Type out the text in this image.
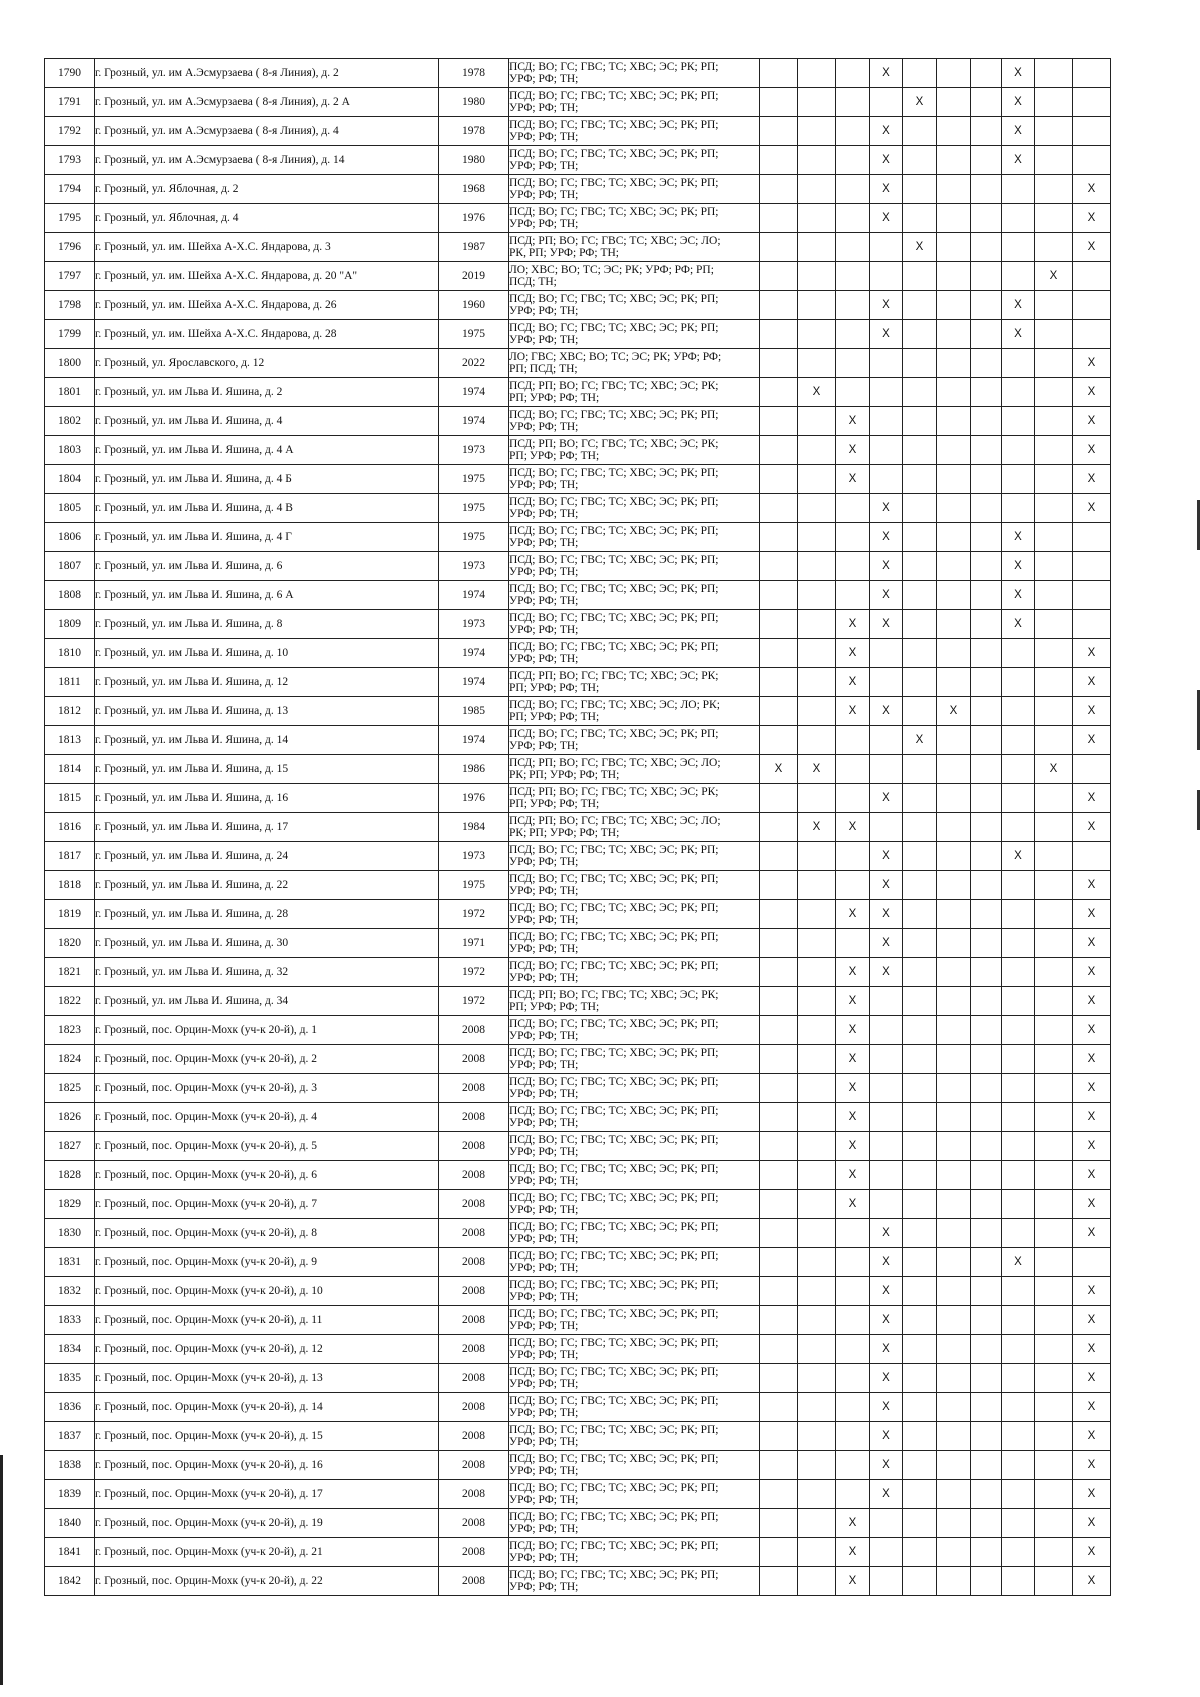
1790	г. Грозный, ул. им А.Эсмурзаева ( 8-я Линия), д. 2	1978	ПСД; ВО; ГС; ГВС; ТС; ХВС; ЭС; РК; РП;
УРФ; РФ; ТН;				X				X		
1791	г. Грозный, ул. им А.Эсмурзаева ( 8-я Линия), д. 2 А	1980	ПСД; ВО; ГС; ГВС; ТС; ХВС; ЭС; РК; РП;
УРФ; РФ; ТН;					X			X		
1792	г. Грозный, ул. им А.Эсмурзаева ( 8-я Линия), д. 4	1978	ПСД; ВО; ГС; ГВС; ТС; ХВС; ЭС; РК; РП;
УРФ; РФ; ТН;				X				X		
1793	г. Грозный, ул. им А.Эсмурзаева ( 8-я Линия), д. 14	1980	ПСД; ВО; ГС; ГВС; ТС; ХВС; ЭС; РК; РП;
УРФ; РФ; ТН;				X				X		
1794	г. Грозный, ул. Яблочная, д. 2	1968	ПСД; ВО; ГС; ГВС; ТС; ХВС; ЭС; РК; РП;
УРФ; РФ; ТН;				X						X
1795	г. Грозный, ул. Яблочная, д. 4	1976	ПСД; ВО; ГС; ГВС; ТС; ХВС; ЭС; РК; РП;
УРФ; РФ; ТН;				X						X
1796	г. Грозный, ул. им. Шейха А-Х.С. Яндарова, д. 3	1987	ПСД; РП; ВО; ГС; ГВС; ТС; ХВС; ЭС; ЛО;
РК, РП; УРФ; РФ; ТН;					X					X
1797	г. Грозный, ул. им. Шейха А-Х.С. Яндарова, д. 20 "А"	2019	ЛО; ХВС; ВО; ТС; ЭС; РК; УРФ; РФ; РП;
ПСД; ТН;									X	
1798	г. Грозный, ул. им. Шейха А-Х.С. Яндарова, д. 26	1960	ПСД; ВО; ГС; ГВС; ТС; ХВС; ЭС; РК; РП;
УРФ; РФ; ТН;				X				X		
1799	г. Грозный, ул. им. Шейха А-Х.С. Яндарова, д. 28	1975	ПСД; ВО; ГС; ГВС; ТС; ХВС; ЭС; РК; РП;
УРФ; РФ; ТН;				X				X		
1800	г. Грозный, ул. Ярославского, д. 12	2022	ЛО; ГВС; ХВС; ВО; ТС; ЭС; РК; УРФ; РФ;
РП; ПСД; ТН;										X
1801	г. Грозный, ул. им Льва И. Яшина, д. 2	1974	ПСД; РП; ВО; ГС; ГВС; ТС; ХВС; ЭС; РК;
РП; УРФ; РФ; ТН;		X								X
1802	г. Грозный, ул. им Льва И. Яшина, д. 4	1974	ПСД; ВО; ГС; ГВС; ТС; ХВС; ЭС; РК; РП;
УРФ; РФ; ТН;			X							X
1803	г. Грозный, ул. им Льва И. Яшина, д. 4 А	1973	ПСД; РП; ВО; ГС; ГВС; ТС; ХВС; ЭС; РК;
РП; УРФ; РФ; ТН;			X							X
1804	г. Грозный, ул. им Льва И. Яшина, д. 4 Б	1975	ПСД; ВО; ГС; ГВС; ТС; ХВС; ЭС; РК; РП;
УРФ; РФ; ТН;			X							X
1805	г. Грозный, ул. им Льва И. Яшина, д. 4 В	1975	ПСД; ВО; ГС; ГВС; ТС; ХВС; ЭС; РК; РП;
УРФ; РФ; ТН;				X						X
1806	г. Грозный, ул. им Льва И. Яшина, д. 4 Г	1975	ПСД; ВО; ГС; ГВС; ТС; ХВС; ЭС; РК; РП;
УРФ; РФ; ТН;				X				X		
1807	г. Грозный, ул. им Льва И. Яшина, д. 6	1973	ПСД; ВО; ГС; ГВС; ТС; ХВС; ЭС; РК; РП;
УРФ; РФ; ТН;				X				X		
1808	г. Грозный, ул. им Льва И. Яшина, д. 6 А	1974	ПСД; ВО; ГС; ГВС; ТС; ХВС; ЭС; РК; РП;
УРФ; РФ; ТН;				X				X		
1809	г. Грозный, ул. им Льва И. Яшина, д. 8	1973	ПСД; ВО; ГС; ГВС; ТС; ХВС; ЭС; РК; РП;
УРФ; РФ; ТН;			X	X				X		
1810	г. Грозный, ул. им Льва И. Яшина, д. 10	1974	ПСД; ВО; ГС; ГВС; ТС; ХВС; ЭС; РК; РП;
УРФ; РФ; ТН;			X							X
1811	г. Грозный, ул. им Льва И. Яшина, д. 12	1974	ПСД; РП; ВО; ГС; ГВС; ТС; ХВС; ЭС; РК;
РП; УРФ; РФ; ТН;			X							X
1812	г. Грозный, ул. им Льва И. Яшина, д. 13	1985	ПСД; ВО; ГС; ГВС; ТС; ХВС; ЭС; ЛО; РК;
РП; УРФ; РФ; ТН;			X	X		X				X
1813	г. Грозный, ул. им Льва И. Яшина, д. 14	1974	ПСД; ВО; ГС; ГВС; ТС; ХВС; ЭС; РК; РП;
УРФ; РФ; ТН;					X					X
1814	г. Грозный, ул. им Льва И. Яшина, д. 15	1986	ПСД; РП; ВО; ГС; ГВС; ТС; ХВС; ЭС; ЛО;
РК; РП; УРФ; РФ; ТН;	X	X							X	
1815	г. Грозный, ул. им Льва И. Яшина, д. 16	1976	ПСД; РП; ВО; ГС; ГВС; ТС; ХВС; ЭС; РК;
РП; УРФ; РФ; ТН;				X						X
1816	г. Грозный, ул. им Льва И. Яшина, д. 17	1984	ПСД; РП; ВО; ГС; ГВС; ТС; ХВС; ЭС; ЛО;
РК; РП; УРФ; РФ; ТН;		X	X							X
1817	г. Грозный, ул. им Льва И. Яшина, д. 24	1973	ПСД; ВО; ГС; ГВС; ТС; ХВС; ЭС; РК; РП;
УРФ; РФ; ТН;				X				X		
1818	г. Грозный, ул. им Льва И. Яшина, д. 22	1975	ПСД; ВО; ГС; ГВС; ТС; ХВС; ЭС; РК; РП;
УРФ; РФ; ТН;				X						X
1819	г. Грозный, ул. им Льва И. Яшина, д. 28	1972	ПСД; ВО; ГС; ГВС; ТС; ХВС; ЭС; РК; РП;
УРФ; РФ; ТН;			X	X						X
1820	г. Грозный, ул. им Льва И. Яшина, д. 30	1971	ПСД; ВО; ГС; ГВС; ТС; ХВС; ЭС; РК; РП;
УРФ; РФ; ТН;				X						X
1821	г. Грозный, ул. им Льва И. Яшина, д. 32	1972	ПСД; ВО; ГС; ГВС; ТС; ХВС; ЭС; РК; РП;
УРФ; РФ; ТН;			X	X						X
1822	г. Грозный, ул. им Льва И. Яшина, д. 34	1972	ПСД; РП; ВО; ГС; ГВС; ТС; ХВС; ЭС; РК;
РП; УРФ; РФ; ТН;			X							X
1823	г. Грозный, пос. Орцин-Мохк (уч-к 20-й), д. 1	2008	ПСД; ВО; ГС; ГВС; ТС; ХВС; ЭС; РК; РП;
УРФ; РФ; ТН;			X							X
1824	г. Грозный, пос. Орцин-Мохк (уч-к 20-й), д. 2	2008	ПСД; ВО; ГС; ГВС; ТС; ХВС; ЭС; РК; РП;
УРФ; РФ; ТН;			X							X
1825	г. Грозный, пос. Орцин-Мохк (уч-к 20-й), д. 3	2008	ПСД; ВО; ГС; ГВС; ТС; ХВС; ЭС; РК; РП;
УРФ; РФ; ТН;			X							X
1826	г. Грозный, пос. Орцин-Мохк (уч-к 20-й), д. 4	2008	ПСД; ВО; ГС; ГВС; ТС; ХВС; ЭС; РК; РП;
УРФ; РФ; ТН;			X							X
1827	г. Грозный, пос. Орцин-Мохк (уч-к 20-й), д. 5	2008	ПСД; ВО; ГС; ГВС; ТС; ХВС; ЭС; РК; РП;
УРФ; РФ; ТН;			X							X
1828	г. Грозный, пос. Орцин-Мохк (уч-к 20-й), д. 6	2008	ПСД; ВО; ГС; ГВС; ТС; ХВС; ЭС; РК; РП;
УРФ; РФ; ТН;			X							X
1829	г. Грозный, пос. Орцин-Мохк (уч-к 20-й), д. 7	2008	ПСД; ВО; ГС; ГВС; ТС; ХВС; ЭС; РК; РП;
УРФ; РФ; ТН;			X							X
1830	г. Грозный, пос. Орцин-Мохк (уч-к 20-й), д. 8	2008	ПСД; ВО; ГС; ГВС; ТС; ХВС; ЭС; РК; РП;
УРФ; РФ; ТН;				X						X
1831	г. Грозный, пос. Орцин-Мохк (уч-к 20-й), д. 9	2008	ПСД; ВО; ГС; ГВС; ТС; ХВС; ЭС; РК; РП;
УРФ; РФ; ТН;				X				X		
1832	г. Грозный, пос. Орцин-Мохк (уч-к 20-й), д. 10	2008	ПСД; ВО; ГС; ГВС; ТС; ХВС; ЭС; РК; РП;
УРФ; РФ; ТН;				X						X
1833	г. Грозный, пос. Орцин-Мохк (уч-к 20-й), д. 11	2008	ПСД; ВО; ГС; ГВС; ТС; ХВС; ЭС; РК; РП;
УРФ; РФ; ТН;				X						X
1834	г. Грозный, пос. Орцин-Мохк (уч-к 20-й), д. 12	2008	ПСД; ВО; ГС; ГВС; ТС; ХВС; ЭС; РК; РП;
УРФ; РФ; ТН;				X						X
1835	г. Грозный, пос. Орцин-Мохк (уч-к 20-й), д. 13	2008	ПСД; ВО; ГС; ГВС; ТС; ХВС; ЭС; РК; РП;
УРФ; РФ; ТН;				X						X
1836	г. Грозный, пос. Орцин-Мохк (уч-к 20-й), д. 14	2008	ПСД; ВО; ГС; ГВС; ТС; ХВС; ЭС; РК; РП;
УРФ; РФ; ТН;				X						X
1837	г. Грозный, пос. Орцин-Мохк (уч-к 20-й), д. 15	2008	ПСД; ВО; ГС; ГВС; ТС; ХВС; ЭС; РК; РП;
УРФ; РФ; ТН;				X						X
1838	г. Грозный, пос. Орцин-Мохк (уч-к 20-й), д. 16	2008	ПСД; ВО; ГС; ГВС; ТС; ХВС; ЭС; РК; РП;
УРФ; РФ; ТН;				X						X
1839	г. Грозный, пос. Орцин-Мохк (уч-к 20-й), д. 17	2008	ПСД; ВО; ГС; ГВС; ТС; ХВС; ЭС; РК; РП;
УРФ; РФ; ТН;				X						X
1840	г. Грозный, пос. Орцин-Мохк (уч-к 20-й), д. 19	2008	ПСД; ВО; ГС; ГВС; ТС; ХВС; ЭС; РК; РП;
УРФ; РФ; ТН;			X							X
1841	г. Грозный, пос. Орцин-Мохк (уч-к 20-й), д. 21	2008	ПСД; ВО; ГС; ГВС; ТС; ХВС; ЭС; РК; РП;
УРФ; РФ; ТН;			X							X
1842	г. Грозный, пос. Орцин-Мохк (уч-к 20-й), д. 22	2008	ПСД; ВО; ГС; ГВС; ТС; ХВС; ЭС; РК; РП;
УРФ; РФ; ТН;			X							X
